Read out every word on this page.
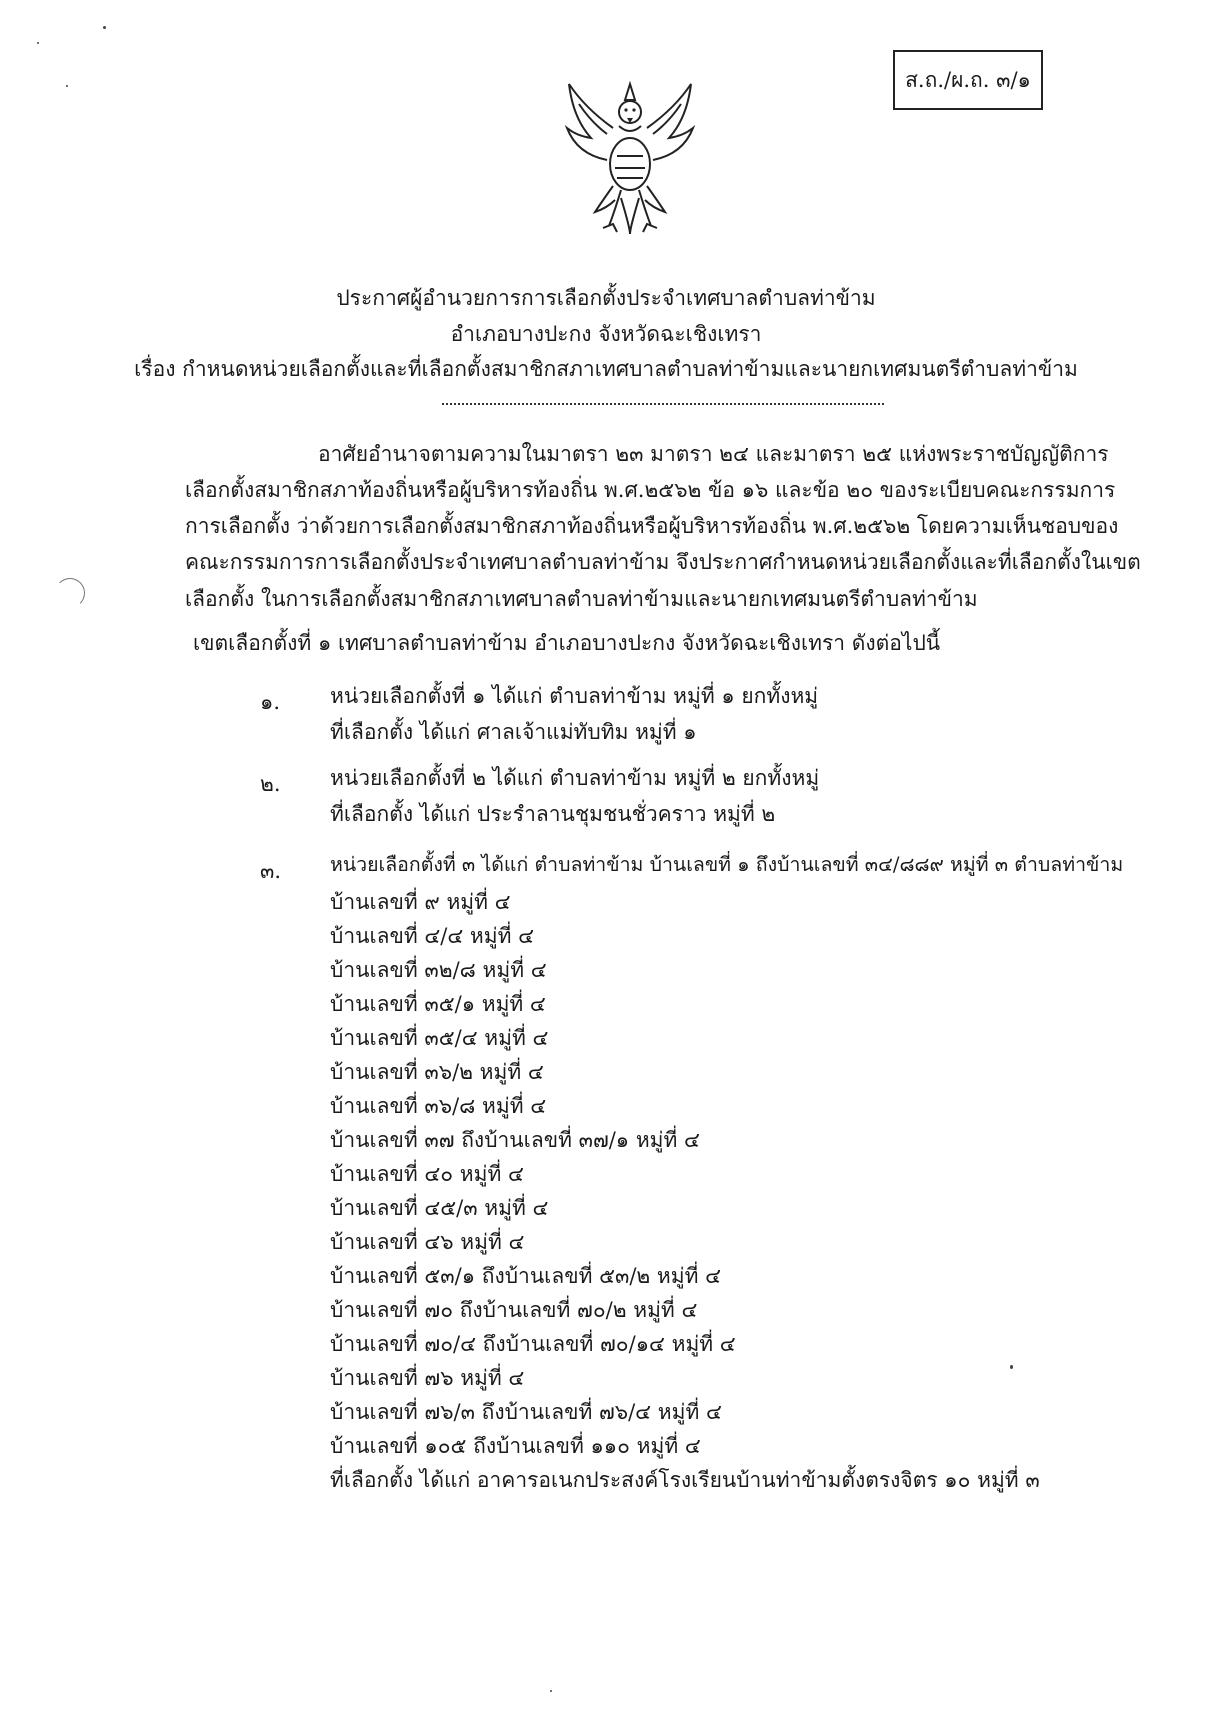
ส.ถ./ผ.ถ. ๓/๑
ประกาศผู้อำนวยการการเลือกตั้งประจำเทศบาลตำบลท่าข้าม
อำเภอบางปะกง จังหวัดฉะเชิงเทรา
เรื่อง กำหนดหน่วยเลือกตั้งและที่เลือกตั้งสมาชิกสภาเทศบาลตำบลท่าข้ามและนายกเทศมนตรีตำบลท่าข้าม
อาศัยอำนาจตามความในมาตรา ๒๓ มาตรา ๒๔ และมาตรา ๒๕ แห่งพระราชบัญญัติการ
เลือกตั้งสมาชิกสภาท้องถิ่นหรือผู้บริหารท้องถิ่น พ.ศ.๒๕๖๒ ข้อ ๑๖ และข้อ ๒๐ ของระเบียบคณะกรรมการ
การเลือกตั้ง ว่าด้วยการเลือกตั้งสมาชิกสภาท้องถิ่นหรือผู้บริหารท้องถิ่น พ.ศ.๒๕๖๒ โดยความเห็นชอบของ
คณะกรรมการการเลือกตั้งประจำเทศบาลตำบลท่าข้าม จึงประกาศกำหนดหน่วยเลือกตั้งและที่เลือกตั้งในเขต
เลือกตั้ง ในการเลือกตั้งสมาชิกสภาเทศบาลตำบลท่าข้ามและนายกเทศมนตรีตำบลท่าข้าม
เขตเลือกตั้งที่ ๑ เทศบาลตำบลท่าข้าม อำเภอบางปะกง จังหวัดฉะเชิงเทรา ดังต่อไปนี้
๑. หน่วยเลือกตั้งที่ ๑ ได้แก่ ตำบลท่าข้าม หมู่ที่ ๑ ยกทั้งหมู่
ที่เลือกตั้ง ได้แก่ ศาลเจ้าแม่ทับทิม หมู่ที่ ๑
๒. หน่วยเลือกตั้งที่ ๒ ได้แก่ ตำบลท่าข้าม หมู่ที่ ๒ ยกทั้งหมู่
ที่เลือกตั้ง ได้แก่ ประรำลานชุมชนชั่วคราว หมู่ที่ ๒
๓.	หน่วยเลือกตั้งที่ ๓ ได้แก่ ตำบลท่าข้าม บ้านเลขที่ ๑ ถึงบ้านเลขที่ ๓๔/๘๘๙ หมู่ที่ ๓ ตำบลท่าข้าม
บ้านเลขที่ ๙ หมู่ที่ ๔
บ้านเลขที่ ๔/๔ หมู่ที่ ๔
บ้านเลขที่ ๓๒/๘ หมู่ที่ ๔
บ้านเลขที่ ๓๕/๑ หมู่ที่ ๔
บ้านเลขที่ ๓๕/๔ หมู่ที่ ๔
บ้านเลขที่ ๓๖/๒ หมู่ที่ ๔
บ้านเลขที่ ๓๖/๘ หมู่ที่ ๔
บ้านเลขที่ ๓๗ ถึงบ้านเลขที่ ๓๗/๑ หมู่ที่ ๔
บ้านเลขที่ ๔๐ หมู่ที่ ๔
บ้านเลขที่ ๔๕/๓ หมู่ที่ ๔
บ้านเลขที่ ๔๖ หมู่ที่ ๔
บ้านเลขที่ ๕๓/๑ ถึงบ้านเลขที่ ๕๓/๒ หมู่ที่ ๔
บ้านเลขที่ ๗๐ ถึงบ้านเลขที่ ๗๐/๒ หมู่ที่ ๔
บ้านเลขที่ ๗๐/๔ ถึงบ้านเลขที่ ๗๐/๑๔ หมู่ที่ ๔
บ้านเลขที่ ๗๖ หมู่ที่ ๔
บ้านเลขที่ ๗๖/๓ ถึงบ้านเลขที่ ๗๖/๔ หมู่ที่ ๔
บ้านเลขที่ ๑๐๕ ถึงบ้านเลขที่ ๑๑๐ หมู่ที่ ๔
ที่เลือกตั้ง ได้แก่ อาคารอเนกประสงค์โรงเรียนบ้านท่าข้ามตั้งตรงจิตร ๑๐ หมู่ที่ ๓
